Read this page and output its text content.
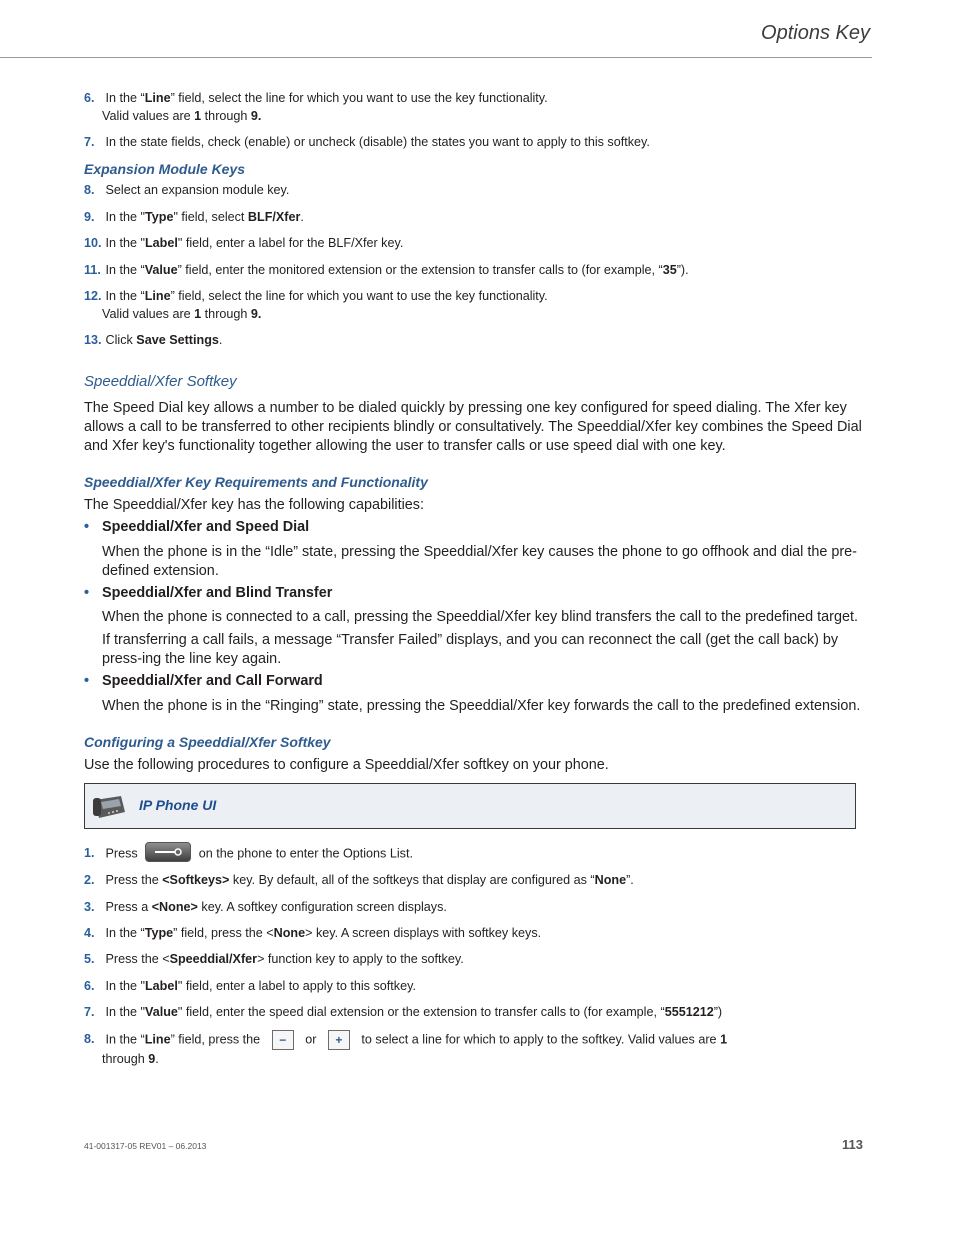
Options Key
6. In the “Line” field, select the line for which you want to use the key functionality.
Valid values are 1 through 9.
7. In the state fields, check (enable) or uncheck (disable) the states you want to apply to this softkey.
Expansion Module Keys
8. Select an expansion module key.
9. In the "Type" field, select BLF/Xfer.
10. In the "Label" field, enter a label for the BLF/Xfer key.
11. In the “Value” field, enter the monitored extension or the extension to transfer calls to (for example, “35”).
12. In the “Line” field, select the line for which you want to use the key functionality.
Valid values are 1 through 9.
13. Click Save Settings.
Speeddial/Xfer Softkey
The Speed Dial key allows a number to be dialed quickly by pressing one key configured for speed dialing. The Xfer key allows a call to be transferred to other recipients blindly or consultatively. The Speeddial/Xfer key combines the Speed Dial and Xfer key's functionality together allowing the user to transfer calls or use speed dial with one key.
Speeddial/Xfer Key Requirements and Functionality
The Speeddial/Xfer key has the following capabilities:
• Speeddial/Xfer and Speed Dial
When the phone is in the “Idle” state, pressing the Speeddial/Xfer key causes the phone to go offhook and dial the pre-defined extension.
• Speeddial/Xfer and Blind Transfer
When the phone is connected to a call, pressing the Speeddial/Xfer key blind transfers the call to the predefined target.
If transferring a call fails, a message “Transfer Failed” displays, and you can reconnect the call (get the call back) by press-ing the line key again.
• Speeddial/Xfer and Call Forward
When the phone is in the “Ringing” state, pressing the Speeddial/Xfer key forwards the call to the predefined extension.
Configuring a Speeddial/Xfer Softkey
Use the following procedures to configure a Speeddial/Xfer softkey on your phone.
IP Phone UI
1. Press	on the phone to enter the Options List.
2. Press the <Softkeys> key. By default, all of the softkeys that display are configured as “None”.
3. Press a <None> key. A softkey configuration screen displays.
4. In the “Type” field, press the <None> key. A screen displays with softkey keys.
5. Press the <Speeddial/Xfer> function key to apply to the softkey.
6. In the "Label" field, enter a label to apply to this softkey.
7. In the "Value" field, enter the speed dial extension or the extension to transfer calls to (for example, “5551212”)
8. In the “Line” field, press the − or + to select a line for which to apply to the softkey. Valid values are 1
through 9.
41-001317-05 REV01 – 06.2013	113
